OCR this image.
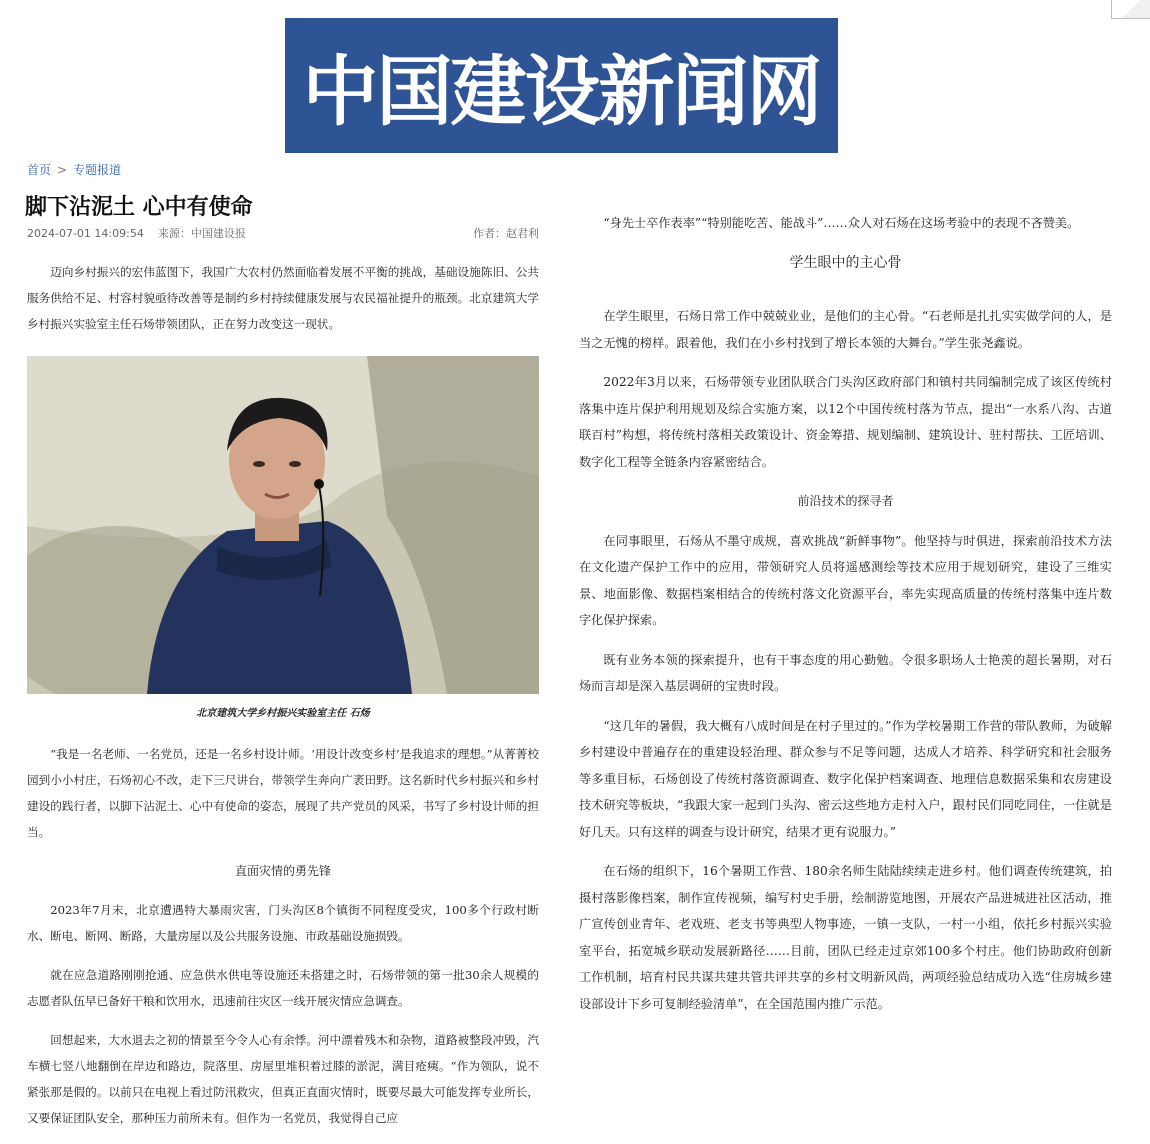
中国建设新闻网
首页 > 专题报道
脚下沾泥土 心中有使命
2024-07-01 14:09:54 来源：中国建设报	作者：赵君利

迈向乡村振兴的宏伟蓝图下，我国广大农村仍然面临着发展不平衡的挑战，基础设施陈旧、公共服务供给不足、村容村貌亟待改善等是制约乡村持续健康发展与农民福祉提升的瓶颈。北京建筑大学乡村振兴实验室主任石炀带领团队，正在努力改变这一现状。

北京建筑大学乡村振兴实验室主任 石炀

“我是一名老师、一名党员，还是一名乡村设计师。‘用设计改变乡村’是我追求的理想。”从菁菁校园到小小村庄，石炀初心不改，走下三尺讲台，带领学生奔向广袤田野。这名新时代乡村振兴和乡村建设的践行者，以脚下沾泥土、心中有使命的姿态，展现了共产党员的风采，书写了乡村设计师的担当。

直面灾情的勇先锋

2023年7月末，北京遭遇特大暴雨灾害，门头沟区8个镇街不同程度受灾，100多个行政村断水、断电、断网、断路，大量房屋以及公共服务设施、市政基础设施损毁。

就在应急道路刚刚抢通、应急供水供电等设施还未搭建之时，石炀带领的第一批30余人规模的志愿者队伍早已备好干粮和饮用水，迅速前往灾区一线开展灾情应急调查。

回想起来，大水退去之初的情景至今令人心有余悸。河中漂着残木和杂物，道路被整段冲毁，汽车横七竖八地翻倒在岸边和路边，院落里、房屋里堆积着过膝的淤泥，满目疮痍。“作为领队，说不紧张那是假的。以前只在电视上看过防汛救灾，但真正直面灾情时，既要尽最大可能发挥专业所长，又要保证团队安全，那种压力前所未有。但作为一名党员，我觉得自己应

“身先士卒作表率”“特别能吃苦、能战斗”……众人对石炀在这场考验中的表现不吝赞美。

学生眼中的主心骨

在学生眼里，石炀日常工作中兢兢业业，是他们的主心骨。“石老师是扎扎实实做学问的人，是当之无愧的榜样。跟着他，我们在小乡村找到了增长本领的大舞台。”学生张尧鑫说。

2022年3月以来，石炀带领专业团队联合门头沟区政府部门和镇村共同编制完成了该区传统村落集中连片保护利用规划及综合实施方案，以12个中国传统村落为节点，提出“一水系八沟、古道联百村”构想，将传统村落相关政策设计、资金筹措、规划编制、建筑设计、驻村帮扶、工匠培训、数字化工程等全链条内容紧密结合。

前沿技术的探寻者

在同事眼里，石炀从不墨守成规，喜欢挑战“新鲜事物”。他坚持与时俱进，探索前沿技术方法在文化遗产保护工作中的应用，带领研究人员将遥感测绘等技术应用于规划研究，建设了三维实景、地面影像、数据档案相结合的传统村落文化资源平台，率先实现高质量的传统村落集中连片数字化保护探索。

既有业务本领的探索提升，也有干事态度的用心勤勉。令很多职场人士艳羡的超长暑期，对石炀而言却是深入基层调研的宝贵时段。

“这几年的暑假，我大概有八成时间是在村子里过的。”作为学校暑期工作营的带队教师，为破解乡村建设中普遍存在的重建设轻治理、群众参与不足等问题，达成人才培养、科学研究和社会服务等多重目标，石炀创设了传统村落资源调查、数字化保护档案调查、地理信息数据采集和农房建设技术研究等板块，“我跟大家一起到门头沟、密云这些地方走村入户，跟村民们同吃同住，一住就是好几天。只有这样的调查与设计研究，结果才更有说服力。”

在石炀的组织下，16个暑期工作营、180余名师生陆陆续续走进乡村。他们调查传统建筑，拍摄村落影像档案，制作宣传视频，编写村史手册，绘制游览地图，开展农产品进城进社区活动，推广宣传创业青年、老戏班、老支书等典型人物事迹，一镇一支队，一村一小组，依托乡村振兴实验室平台，拓宽城乡联动发展新路径……目前，团队已经走过京郊100多个村庄。他们协助政府创新工作机制，培育村民共谋共建共管共评共享的乡村文明新风尚，两项经验总结成功入选“住房城乡建设部设计下乡可复制经验清单”，在全国范围内推广示范。
